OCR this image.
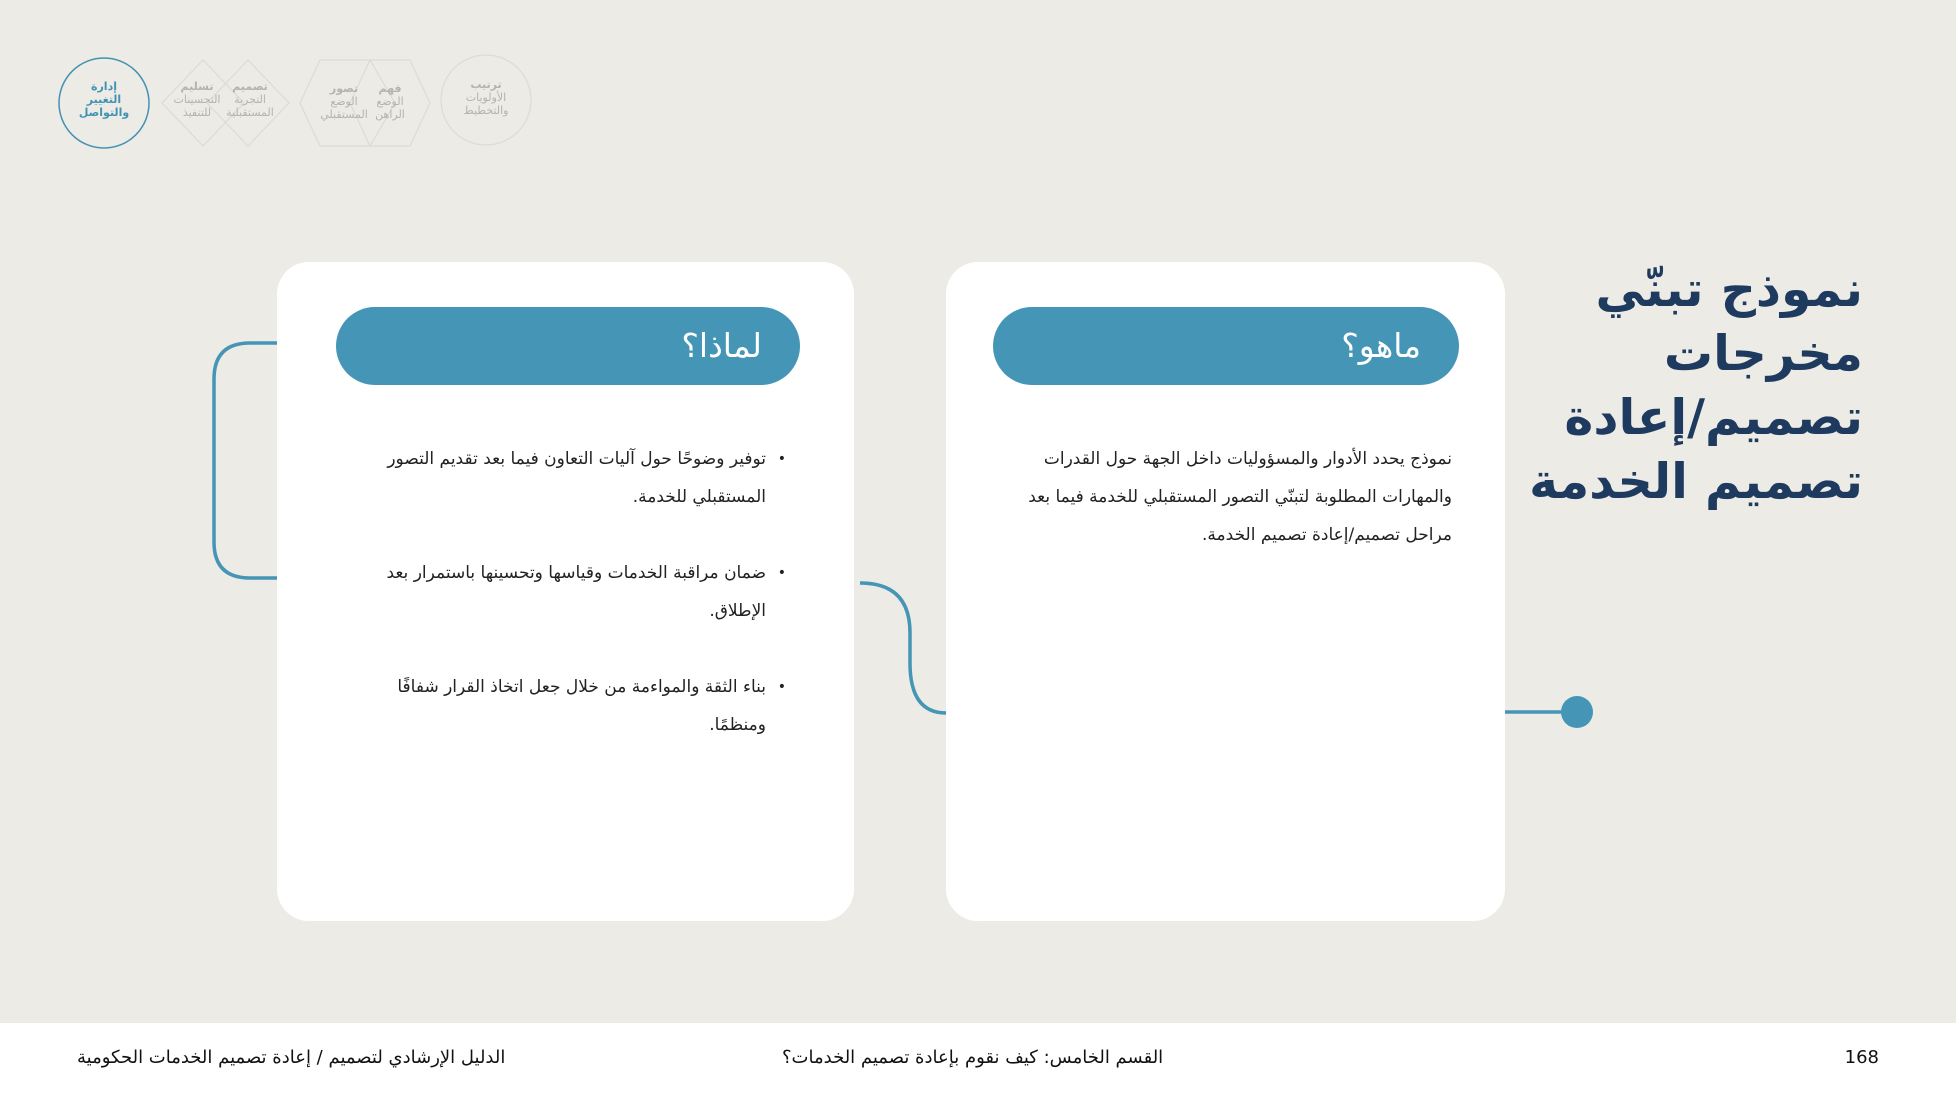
إدارة
التغيير
والتواصل
تسليم
التحسينات
للتنفيذ
تصميم
التجربة
المستقبلية
تصور
الوضع
المستقبلي
فهم
الوضع
الراهن
ترتيب
الأولويات
والتخطيط
نموذج تبنّي
مخرجات
تصميم/إعادة
تصميم الخدمة
ماهو؟
نموذج يحدد الأدوار والمسؤوليات داخل الجهة حول القدرات
والمهارات المطلوبة لتبنّي التصور المستقبلي للخدمة فيما بعد
مراحل تصميم/إعادة تصميم الخدمة.
لماذا؟
• توفير وضوحًا حول آليات التعاون فيما بعد تقديم التصور
المستقبلي للخدمة.
• ضمان مراقبة الخدمات وقياسها وتحسينها باستمرار بعد
الإطلاق.
• بناء الثقة والمواءمة من خلال جعل اتخاذ القرار شفافًا
ومنظمًا.
168
القسم الخامس: كيف نقوم بإعادة تصميم الخدمات؟
الدليل الإرشادي لتصميم / إعادة تصميم الخدمات الحكومية
